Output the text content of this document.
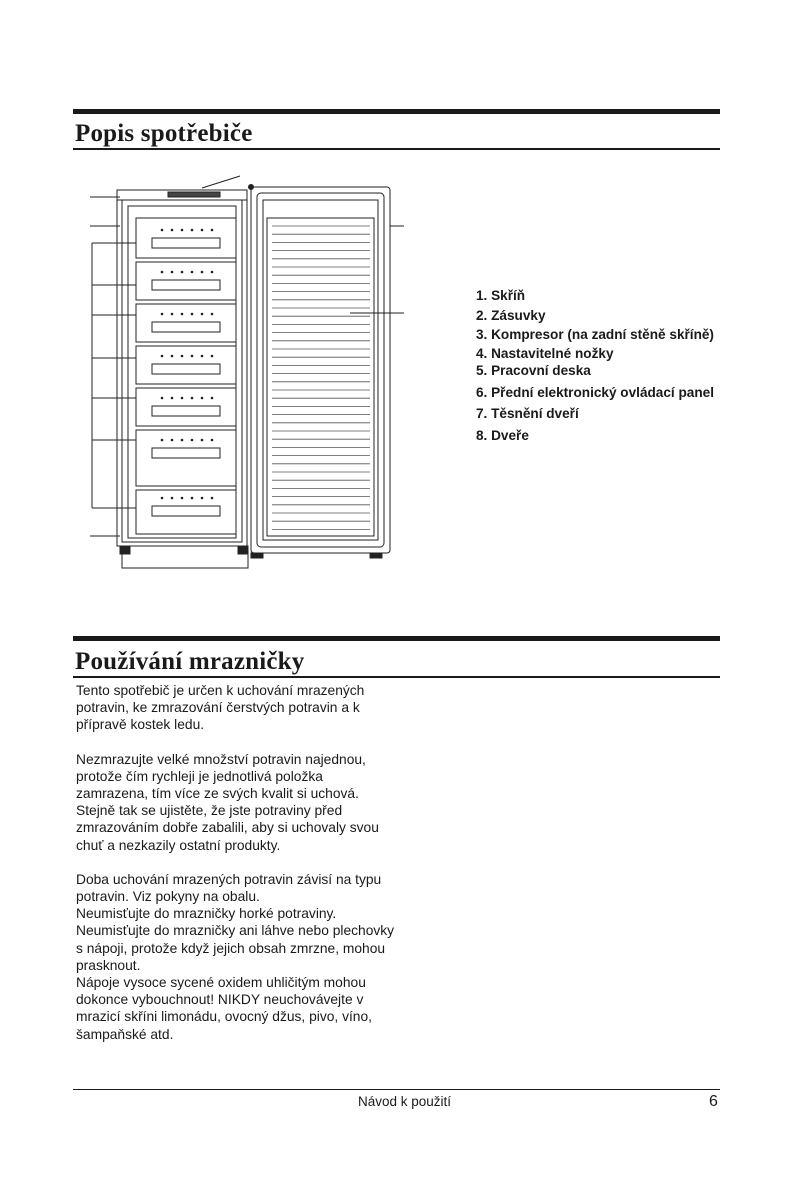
Popis spotřebiče
1. Skříň
2. Zásuvky
3. Kompresor (na zadní stěně skříně)
4. Nastavitelné nožky
5. Pracovní deska
6. Přední elektronický ovládací panel
7. Těsnění dveří
8. Dveře
Používání mrazničky

Tento spotřebič je určen k uchování mrazených potravin, ke zmrazování čerstvých potravin a k přípravě kostek ledu.

Nezmrazujte velké množství potravin najednou, protože čím rychleji je jednotlivá položka zamrazena, tím více ze svých kvalit si uchová. Stejně tak se ujistěte, že jste potraviny před zmrazováním dobře zabalili, aby si uchovaly svou chuť a nezkazily ostatní produkty.

Doba uchování mrazených potravin závisí na typu potravin. Viz pokyny na obalu.

Neumisťujte do mrazničky horké potraviny.

Neumisťujte do mrazničky ani láhve nebo plechovky s nápoji, protože když jejich obsah zmrzne, mohou prasknout.

Nápoje vysoce sycené oxidem uhličitým mohou dokonce vybouchnout! NIKDY neuchovávejte v mrazicí skříni limonádu, ovocný džus, pivo, víno, šampaňské atd.

Návod k použití	6
